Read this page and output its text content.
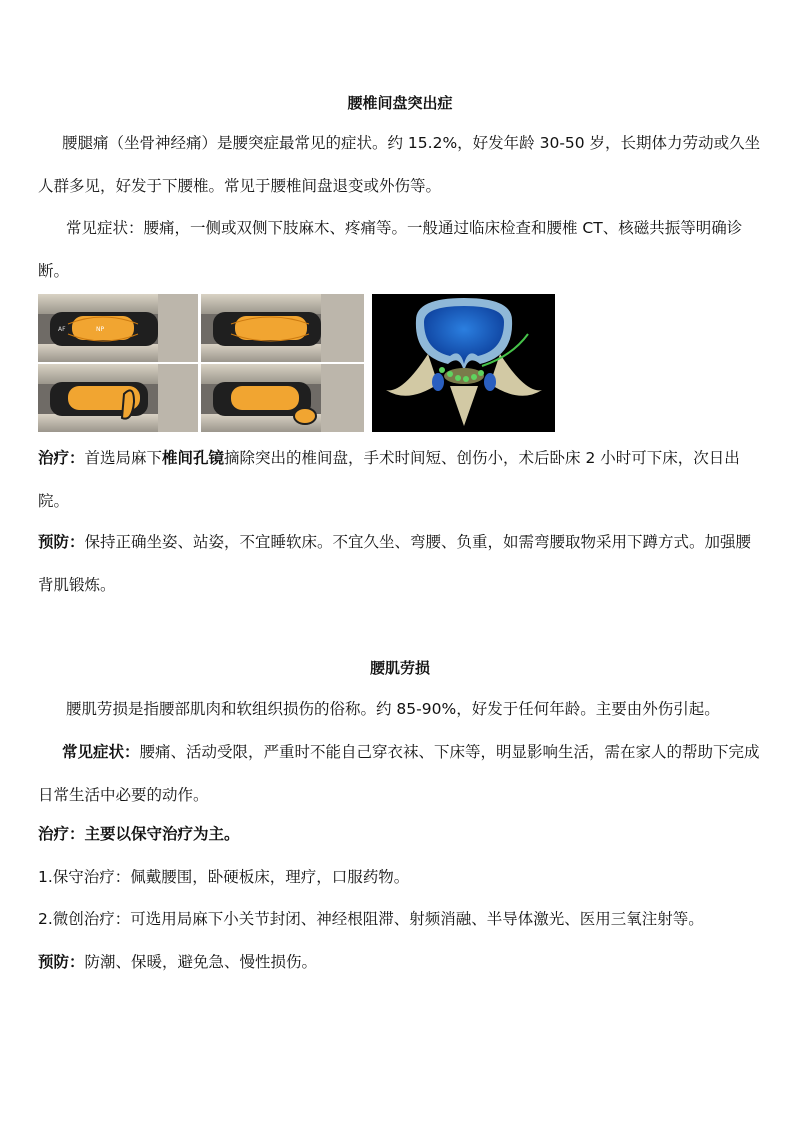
腰椎间盘突出症

腰腿痛（坐骨神经痛）是腰突症最常见的症状。约 15.2%，好发年龄 30-50 岁，长期体力劳动或久坐人群多见，好发于下腰椎。常见于腰椎间盘退变或外伤等。

常见症状：腰痛，一侧或双侧下肢麻木、疼痛等。一般通过临床检查和腰椎 CT、核磁共振等明确诊断。

AF	NP

治疗：首选局麻下椎间孔镜摘除突出的椎间盘，手术时间短、创伤小，术后卧床 2 小时可下床，次日出院。

预防：保持正确坐姿、站姿，不宜睡软床。不宜久坐、弯腰、负重，如需弯腰取物采用下蹲方式。加强腰背肌锻炼。

腰肌劳损

腰肌劳损是指腰部肌肉和软组织损伤的俗称。约 85-90%，好发于任何年龄。主要由外伤引起。

常见症状：腰痛、活动受限，严重时不能自己穿衣袜、下床等，明显影响生活，需在家人的帮助下完成日常生活中必要的动作。

治疗：主要以保守治疗为主。

1.保守治疗：佩戴腰围，卧硬板床，理疗，口服药物。

2.微创治疗：可选用局麻下小关节封闭、神经根阻滞、射频消融、半导体激光、医用三氧注射等。

预防：防潮、保暖，避免急、慢性损伤。
